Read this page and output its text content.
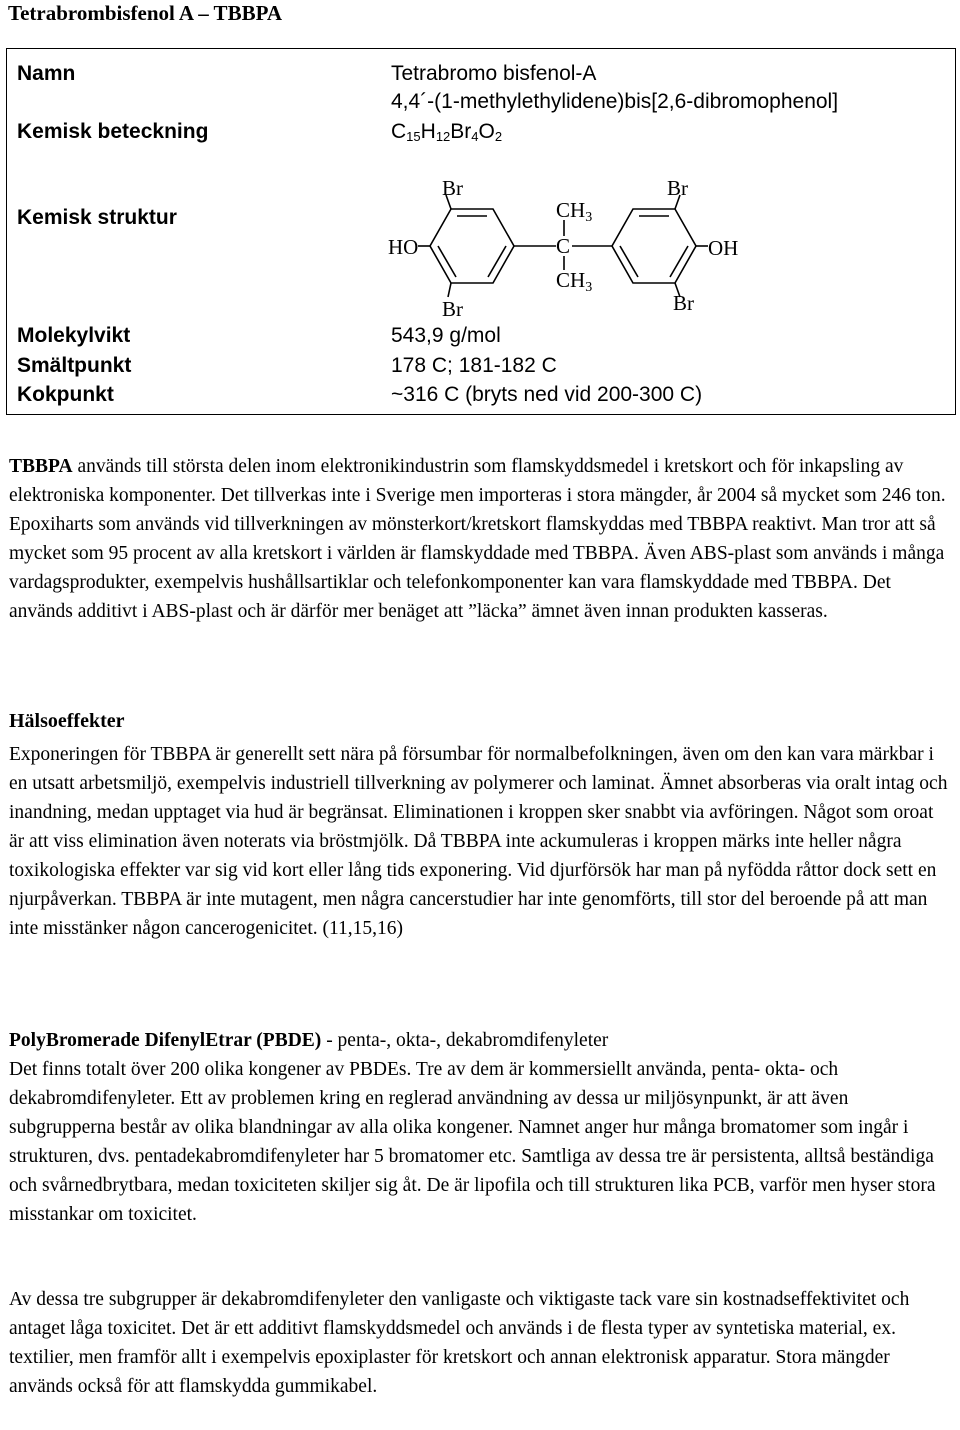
Tetrabrombisfenol A – TBBPA
Namn	Tetrabromo bisfenol-A
4,4´-(1-methylethylidene)bis[2,6-dibromophenol]
Kemisk beteckning	$C_{15}H_{12}Br_4O_2$
Kemisk struktur
Molekylvikt	543,9 g/mol
Smältpunkt	178 C; 181-182 C
Kokpunkt	~316 C (bryts ned vid 200-300 C)
Br
Br
Br
Br
HO	OH
CH3
C
CH3

TBBPA används till största delen inom elektronikindustrin som flamskyddsmedel i kretskort och för inkapsling av elektroniska komponenter. Det tillverkas inte i Sverige men importeras i stora mängder, år 2004 så mycket som 246 ton. Epoxiharts som används vid tillverkningen av mönsterkort/kretskort flamskyddas med TBBPA reaktivt. Man tror att så mycket som 95 procent av alla kretskort i världen är flamskyddade med TBBPA. Även ABS-plast som används i många vardagsprodukter, exempelvis hushållsartiklar och telefonkomponenter kan vara flamskyddade med TBBPA. Det används additivt i ABS-plast och är därför mer benäget att ”läcka” ämnet även innan produkten kasseras.

Hälsoeffekter

Exponeringen för TBBPA är generellt sett nära på försumbar för normalbefolkningen, även om den kan vara märkbar i en utsatt arbetsmiljö, exempelvis industriell tillverkning av polymerer och laminat. Ämnet absorberas via oralt intag och inandning, medan upptaget via hud är begränsat. Eliminationen i kroppen sker snabbt via avföringen. Något som oroat är att viss elimination även noterats via bröstmjölk. Då TBBPA inte ackumuleras i kroppen märks inte heller några toxikologiska effekter var sig vid kort eller lång tids exponering. Vid djurförsök har man på nyfödda råttor dock sett en njurpåverkan. TBBPA är inte mutagent, men några cancerstudier har inte genomförts, till stor del beroende på att man inte misstänker någon cancerogenicitet. (11,15,16)

PolyBromerade DifenylEtrar (PBDE) - penta-, okta-, dekabromdifenyleter
Det finns totalt över 200 olika kongener av PBDEs. Tre av dem är kommersiellt använda, penta- okta- och dekabromdifenyleter. Ett av problemen kring en reglerad användning av dessa ur miljösynpunkt, är att även subgrupperna består av olika blandningar av alla olika kongener. Namnet anger hur många bromatomer som ingår i strukturen, dvs. pentadekabromdifenyleter har 5 bromatomer etc. Samtliga av dessa tre är persistenta, alltså beständiga och svårnedbrytbara, medan toxiciteten skiljer sig åt. De är lipofila och till strukturen lika PCB, varför men hyser stora misstankar om toxicitet.

Av dessa tre subgrupper är dekabromdifenyleter den vanligaste och viktigaste tack vare sin kostnadseffektivitet och antaget låga toxicitet. Det är ett additivt flamskyddsmedel och används i de flesta typer av syntetiska material, ex. textilier, men framför allt i exempelvis epoxiplaster för kretskort och annan elektronisk apparatur. Stora mängder används också för att flamskydda gummikabel.
